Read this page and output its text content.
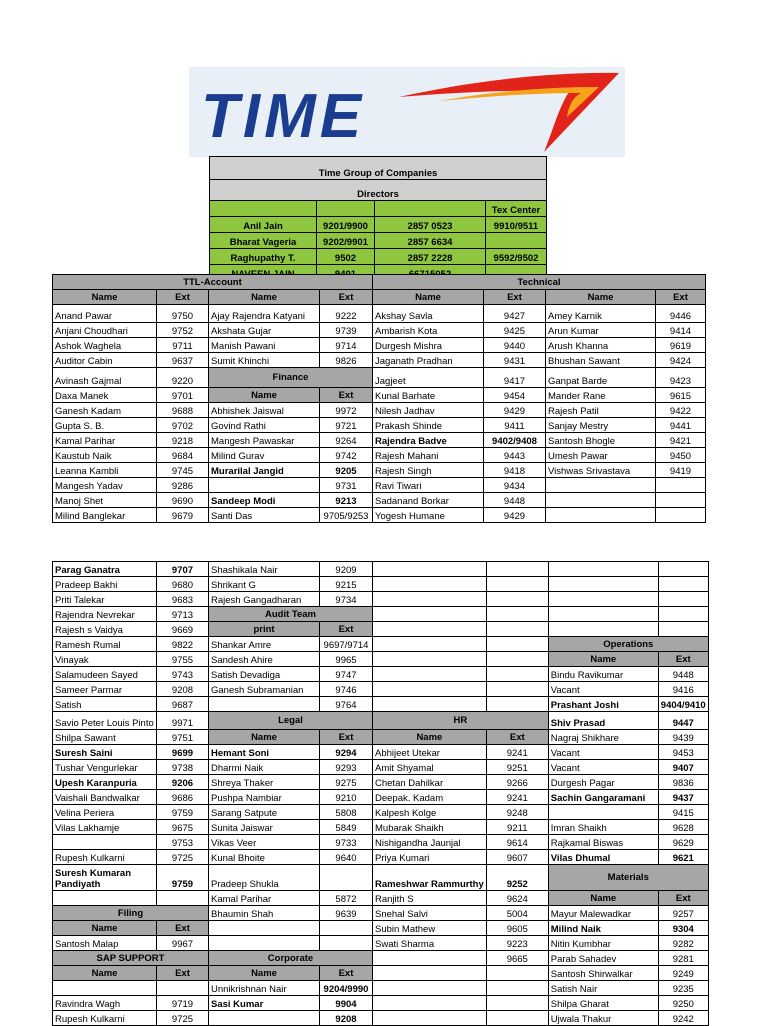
TIME
Time Group of Companies			
Directors			
			Tex Center
Anil Jain	9201/9900	2857 0523	9910/9511
Bharat Vageria	9202/9901	2857 6634	
Raghupathy T.	9502	2857 2228	9592/9502

TTL-Account				Technical			
Name	Ext	Name	Ext	Name	Ext	Name	Ext
Anand Pawar	9750	Ajay Rajendra Katyani	9222	Akshay Savla	9427	Amey Karnik	9446
Anjani Choudhari	9752	Akshata Gujar	9739	Ambarish Kota	9425	Arun Kumar	9414
Ashok Waghela	9711	Manish Pawani	9714	Durgesh Mishra	9440	Arush Khanna	9619
Auditor Cabin	9637	Sumit Khinchi	9826	Jaganath Pradhan	9431	Bhushan Sawant	9424
Avinash Gajmal	9220	Finance		Jagjeet	9417	Ganpat Barde	9423
Daxa Manek	9701	Name	Ext	Kunal Barhate	9454	Mander Rane	9615
Ganesh Kadam	9688	Abhishek Jaiswal	9972	Nilesh Jadhav	9429	Rajesh Patil	9422
Gupta S. B.	9702	Govind Rathi	9721	Prakash Shinde	9411	Sanjay Mestry	9441
Kamal Parihar	9218	Mangesh Pawaskar	9264	Rajendra Badve	9402/9408	Santosh Bhogle	9421
Kaustub Naik	9684	Milind Gurav	9742	Rajesh Mahani	9443	Umesh Pawar	9450
Leanna Kambli	9745	Murarilal Jangid	9205	Rajesh Singh	9418	Vishwas Srivastava	9419
Mangesh Yadav	9286		9731	Ravi Tiwari	9434		
Manoj Shet	9690	Sandeep Modi	9213	Sadanand Borkar	9448		
Milind Banglekar	9679	Santi Das	9705/9253	Yogesh Humane	9429		
Parag Ganatra	9707	Shashikala Nair	9209				
Pradeep Bakhi	9680	Shrikant G	9215				
Priti Talekar	9683	Rajesh Gangadharan	9734				
Rajendra Nevrekar	9713	Audit Team					
Rajesh s Vaidya	9669	print	Ext				
Ramesh Rumal	9822	Shankar Amre	9697/9714			Operations	
Vinayak	9755	Sandesh Ahire	9965			Name	Ext
Salamudeen Sayed	9743	Satish Devadiga	9747			Bindu Ravikumar	9448
Sameer Parmar	9208	Ganesh Subramanian	9746			Vacant	9416
Satish	9687		9764			Prashant Joshi	9404/9410
Savio Peter Louis Pinto	9971	Legal		HR		Shiv Prasad	9447
Shilpa Sawant	9751	Name	Ext	Name	Ext	Nagraj Shikhare	9439
Suresh Saini	9699	Hemant Soni	9294	Abhijeet Utekar	9241	Vacant	9453
Tushar Vengurlekar	9738	Dharmi Naik	9293	Amit Shyamal	9251	Vacant	9407
Upesh Karanpuria	9206	Shreya Thaker	9275	Chetan Dahilkar	9266	Durgesh Pagar	9836
Vaishali Bandwalkar	9686	Pushpa Nambiar	9210	Deepak. Kadam	9241	Sachin Gangaramani	9437
Velina Periera	9759	Sarang Satpute	5808	Kalpesh Kolge	9248		9415
Vilas Lakhamje	9675	Sunita Jaiswar	5849	Mubarak Shaikh	9211	Imran Shaikh	9628
	9753	Vikas Veer	9733	Nishigandha Jaunjal	9614	Rajkamal Biswas	9629
Rupesh Kulkarni	9725	Kunal Bhoite	9640	Priya Kumari	9607	Vilas Dhumal	9621
Suresh Kumaran Pandiyath	9759	Pradeep Shukla		Rameshwar Rammurthy	9252	Materials	
		Kamal Parihar	5872	Ranjith S	9624	Name	Ext
Filing		Bhaumin Shah	9639	Snehal Salvi	5004	Mayur Malewadkar	9257
Name	Ext			Subin Mathew	9605	Milind Naik	9304
Santosh Malap	9967			Swati Sharma	9223	Nitin Kumbhar	9282
SAP SUPPORT		Corporate			9665	Parab Sahadev	9281
Name	Ext	Name	Ext			Santosh Shirwalkar	9249
		Unnikrishnan Nair	9204/9990			Satish Nair	9235
Ravindra Wagh	9719	Sasi Kumar	9904			Shilpa Gharat	9250
Rupesh Kulkarni	9725		9208			Ujwala Thakur	9242
